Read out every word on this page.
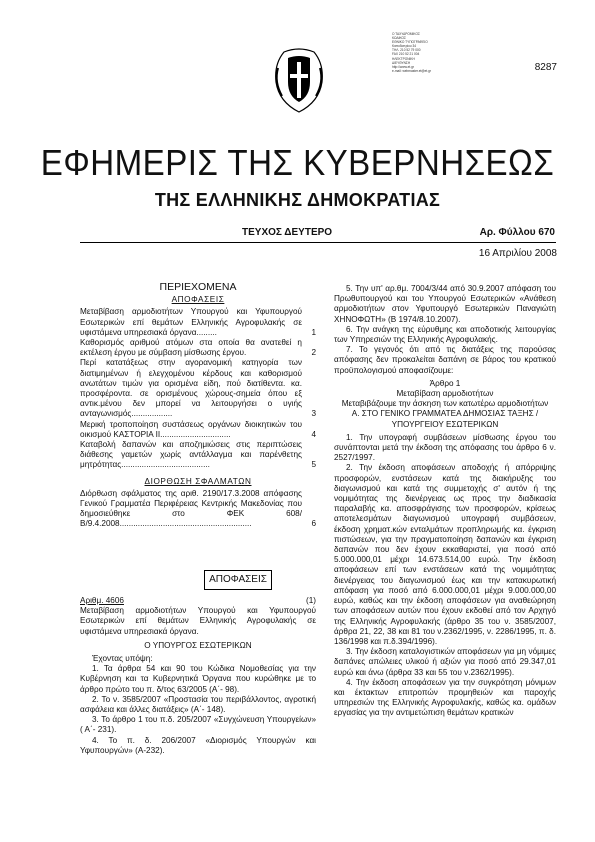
Ο ΤΑΧΥΔΡΟΜΙΚΟΣ
ΚΩΔΙΚΟΣ
ΕΘΝΙΚΟ ΤΥΠΟΓΡΑΦΕΙΟ
Καποδιστρίου 34
ΤΗΛ. 210 52 79 000
FAX 210 52 21 004
ΗΛΕΚΤΡΟΝΙΚΗ
ΔΙΕΥΘΥΝΣΗ
http://www.et.gr
e-mail: webmaster.et@et.gr	8287
ΕΦΗΜΕΡΙΣ ΤΗΣ ΚΥΒΕΡΝΗΣΕΩΣ
ΤΗΣ ΕΛΛΗΝΙΚΗΣ ΔΗΜΟΚΡΑΤΙΑΣ
ΤΕΥΧΟΣ ΔΕΥΤΕΡΟ	Αρ. Φύλλου 670
16 Απριλίου 2008
ΠΕΡΙΕΧΟΜΕΝΑ
ΑΠΟΦΑΣΕΙΣ
Μεταβίβαση αρμοδιοτήτων Υπουργού και Υφυπουργού Εσωτερικών επί θεμάτων Ελληνικής Αγροφυλακής σε υφιστάμενα υπηρεσιακά όργανα.........	1
Καθορισμός αριθμού ατόμων στα οποία θα ανατεθεί η εκτέλεση έργου με σύμβαση μίσθωσης έργου.	2
Περί κατατάξεως στην αγορανομική κατηγορία των διατιμημένων ή ελεγχομένου κέρδους και καθορισμού ανωτάτων τιμών για ορισμένα είδη, πού διατίθεντα. κα. προσφέροντα. σε ορισμένους χώρους-σημεία όπου εξ αντικ.μένου δεν μπορεί να λειτουργήσει ο υγιής ανταγωνισμός..................	3
Μερική τροποποίηση συστάσεως οργάνων διοικητικών του οικισμού ΚΑΣΤΟΡΙΑ ΙΙ...............................	4
Καταβολή δαπανών και αποζημιώσεις στις περιπτώσεις διάθεσης γαμετών χωρίς αντάλλαγμα και παρένθετης μητρότητας.......................................	5
ΔΙΟΡΘΩΣΗ ΣΦΑΛΜΑΤΩΝ
Διόρθωση σφάλματος της αριθ. 2190/17.3.2008 απόφασης Γενικού Γραμματέα Περιφέρειας Κεντρικής Μακεδονίας που δημοσιεύθηκε στο ΦΕΚ 608/Β/9.4.2008..........................................................	6
ΑΠΟΦΑΣΕΙΣ
Αριθμ. 4606	(1)

Μεταβίβαση αρμοδιοτήτων Υπουργού και Υφυπουργού Εσωτερικών επί θεμάτων Ελληνικής Αγροφυλακής σε υφιστάμενα υπηρεσιακά όργανα.

Ο ΥΠΟΥΡΓΟΣ ΕΣΩΤΕΡΙΚΩΝ

Έχοντας υπόψη:

1. Τα άρθρα 54 και 90 του Κώδικα Νομοθεσίας για την Κυβέρνηση και τα Κυβερνητικά Όργανα που κυρώθηκε με το άρθρο πρώτο του π. δ/τος 63/2005 (Α΄- 98).

2. Το ν. 3585/2007 «Προστασία του περιβάλλοντος, αγροτική ασφάλεια και άλλες διατάξεις» (Α΄- 148).

3. Το άρθρο 1 του π.δ. 205/2007 «Συγχώνευση Υπουργείων» ( Α΄- 231).

4. Το π. δ. 206/2007 «Διορισμός Υπουργών και Υφυπουργών» (Α-232).

5. Την υπ' αρ.θμ. 7004/3/44 από 30.9.2007 απόφαση του Πρωθυπουργού και του Υπουργού Εσωτερικών «Ανάθεση αρμοδιοτήτων στον Υφυπουργό Εσωτερικών Παναγιώτη ΧΗΝΟΦΩΤΗ» (Β 1974/8.10.2007).

6. Την ανάγκη της εύρυθμης και αποδοτικής λειτουργίας των Υπηρεσιών της Ελληνικής Αγροφυλακής.

7. Το γεγονός ότι από τις διατάξεις της παρούσας απόφασης δεν προκαλείται δαπάνη σε βάρος του κρατικού προϋπολογισμού αποφασίζουμε:

Άρθρο 1
Μεταβίβαση αρμοδιοτήτων
Μεταβιβάζουμε την άσκηση των κατωτέρω αρμοδιοτήτων
Α. ΣΤΟ ΓΕΝΙΚΟ ΓΡΑΜΜΑΤΕΑ ΔΗΜΟΣΙΑΣ ΤΑΞΗΣ / ΥΠΟΥΡΓΕΙΟΥ ΕΣΩΤΕΡΙΚΩΝ

1. Την υπογραφή συμβάσεων μίσθωσης έργου του συνάπτονται μετά την έκδοση της απόφασης του άρθρο 6 ν. 2527/1997.

2. Την έκδοση αποφάσεων αποδοχής ή απόρριψης προσφορών, ενστάσεων κατά της διακήρυξης του διαγωνισμού και κατά της συμμετοχής σ' αυτόν ή της νομιμότητας της διενέργειας ως προς την διαδικασία παραλαβής κα. αποσφράγισης των προσφορών, κρίσεως αποτελεσμάτων διαγωνισμού υπογραφή συμβάσεων, έκδοση χρηματ.κών ενταλμάτων προπληρωμής κα. έγκριση πιστώσεων, για την πραγματοποίηση δαπανών και έγκριση δαπανών που δεν έχουν εκκαθαριστεί, για ποσό από 5.000.000,01 μέχρι 14.673.514,00 ευρώ. Την έκδοση αποφάσεων επί των ενστάσεων κατά της νομιμότητας διενέργειας του διαγωνισμού έως και την κατακυρωτική απόφαση για ποσό από 6.000.000,01 μέχρι 9.000.000,00 ευρώ, καθώς και την έκδοση αποφάσεων για αναθεώρηση των αποφάσεων αυτών που έχουν εκδοθεί από τον Αρχηγό της Ελληνικής Αγροφυλακής (άρθρο 35 του ν. 3585/2007, άρθρα 21, 22, 38 και 81 του ν.2362/1995, ν. 2286/1995, π. δ. 136/1998 και π.δ.394/1996).

3. Την έκδοση καταλογιστικών αποφάσεων για μη νόμιμες δαπάνες απώλειες υλικού ή αξιών για ποσό από 29.347,01 ευρώ και άνω (άρθρα 33 και 55 του ν.2362/1995).

4. Την έκδοση αποφάσεων για την συγκρότηση μόνιμων και έκτακτων επιτροπών προμηθειών και παροχής υπηρεσιών της Ελληνικής Αγροφυλακής, καθώς κα. ομάδων εργασίας για την αντιμετώπιση θεμάτων κρατικών
